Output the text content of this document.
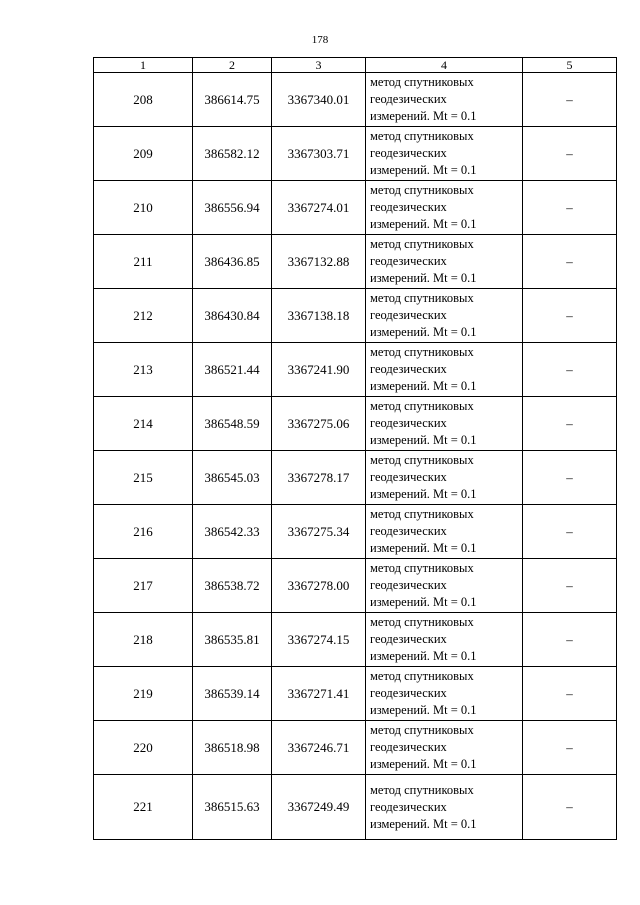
178
1	2	3	4	5
208	386614.75	3367340.01	метод спутниковых
геодезических
измерений. Mt = 0.1	–
209	386582.12	3367303.71	метод спутниковых
геодезических
измерений. Mt = 0.1	–
210	386556.94	3367274.01	метод спутниковых
геодезических
измерений. Mt = 0.1	–
211	386436.85	3367132.88	метод спутниковых
геодезических
измерений. Mt = 0.1	–
212	386430.84	3367138.18	метод спутниковых
геодезических
измерений. Mt = 0.1	–
213	386521.44	3367241.90	метод спутниковых
геодезических
измерений. Mt = 0.1	–
214	386548.59	3367275.06	метод спутниковых
геодезических
измерений. Mt = 0.1	–
215	386545.03	3367278.17	метод спутниковых
геодезических
измерений. Mt = 0.1	–
216	386542.33	3367275.34	метод спутниковых
геодезических
измерений. Mt = 0.1	–
217	386538.72	3367278.00	метод спутниковых
геодезических
измерений. Mt = 0.1	–
218	386535.81	3367274.15	метод спутниковых
геодезических
измерений. Mt = 0.1	–
219	386539.14	3367271.41	метод спутниковых
геодезических
измерений. Mt = 0.1	–
220	386518.98	3367246.71	метод спутниковых
геодезических
измерений. Mt = 0.1	–
221	386515.63	3367249.49	метод спутниковых
геодезических
измерений. Mt = 0.1	–
